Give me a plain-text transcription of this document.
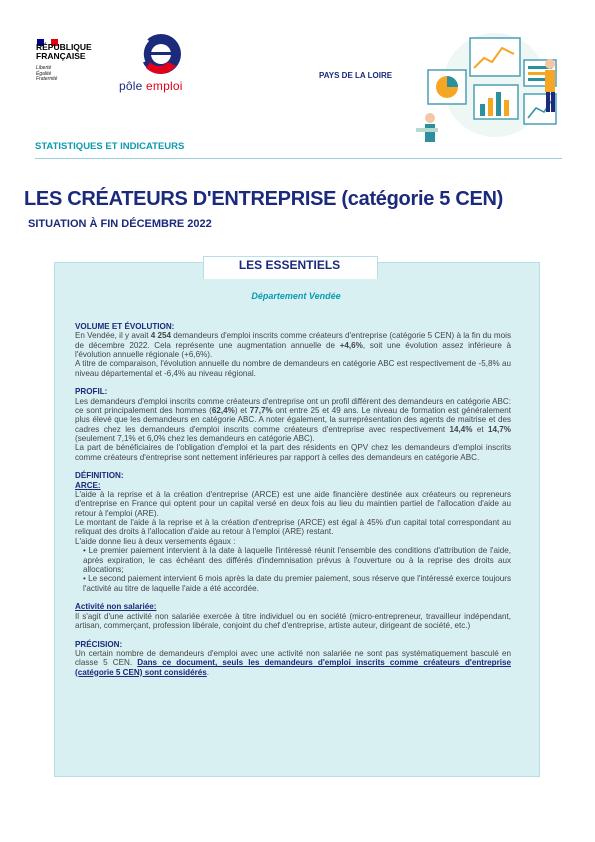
RÉPUBLIQUE
FRANÇAISE
Liberté
Égalité
Fraternité	pôle emploi
PAYS DE LA LOIRE
STATISTIQUES ET INDICATEURS
LES CRÉATEURS D'ENTREPRISE (catégorie 5 CEN)
SITUATION À FIN DÉCEMBRE 2022
LES ESSENTIELS
Département Vendée

VOLUME ET ÉVOLUTION:

En Vendée, il y avait 4 254 demandeurs d'emploi inscrits comme créateurs d'entreprise (catégorie 5 CEN) à la fin du mois de décembre 2022. Cela représente une augmentation annuelle de +4,6%, soit une évolution assez inférieure à l'évolution annuelle régionale (+6,6%).

A titre de comparaison, l'évolution annuelle du nombre de demandeurs en catégorie ABC est respectivement de -5,8% au niveau départemental et -6,4% au niveau régional.

PROFIL:

Les demandeurs d'emploi inscrits comme créateurs d'entreprise ont un profil différent des demandeurs en catégorie ABC: ce sont principalement des hommes (62,4%) et 77,7% ont entre 25 et 49 ans. Le niveau de formation est généralement plus élevé que les demandeurs en catégorie ABC. A noter également, la surreprésentation des agents de maitrise et des cadres chez les demandeurs d'emploi inscrits comme créateurs d'entreprise avec respectivement 14,4% et 14,7% (seulement 7,1% et 6,0% chez les demandeurs en catégorie ABC).

La part de bénéficiaires de l'obligation d'emploi et la part des résidents en QPV chez les demandeurs d'emploi inscrits comme créateurs d'entreprise sont nettement inférieures par rapport à celles des demandeurs en catégorie ABC.

DÉFINITION:

ARCE:

L'aide à la reprise et à la création d'entreprise (ARCE) est une aide financière destinée aux créateurs ou repreneurs d'entreprise en France qui optent pour un capital versé en deux fois au lieu du maintien partiel de l'allocation d'aide au retour à l'emploi (ARE).

Le montant de l'aide à la reprise et à la création d'entreprise (ARCE) est égal à 45% d'un capital total correspondant au reliquat des droits à l'allocation d'aide au retour à l'emploi (ARE) restant.

L'aide donne lieu à deux versements égaux :

• Le premier paiement intervient à la date à laquelle l'intéressé réunit l'ensemble des conditions d'attribution de l'aide, après expiration, le cas échéant des différés d'indemnisation prévus à l'ouverture ou à la reprise des droits aux allocations;

• Le second paiement intervient 6 mois après la date du premier paiement, sous réserve que l'intéressé exerce toujours l'activité au titre de laquelle l'aide a été accordée.

Activité non salariée:

Il s'agit d'une activité non salariée exercée à titre individuel ou en société (micro-entrepreneur, travailleur indépendant, artisan, commerçant, profession libérale, conjoint du chef d'entreprise, artiste auteur, dirigeant de société, etc.)

PRÉCISION:

Un certain nombre de demandeurs d'emploi avec une activité non salariée ne sont pas systématiquement basculé en classe 5 CEN. Dans ce document, seuls les demandeurs d'emploi inscrits comme créateurs d'entreprise (catégorie 5 CEN) sont considérés.
